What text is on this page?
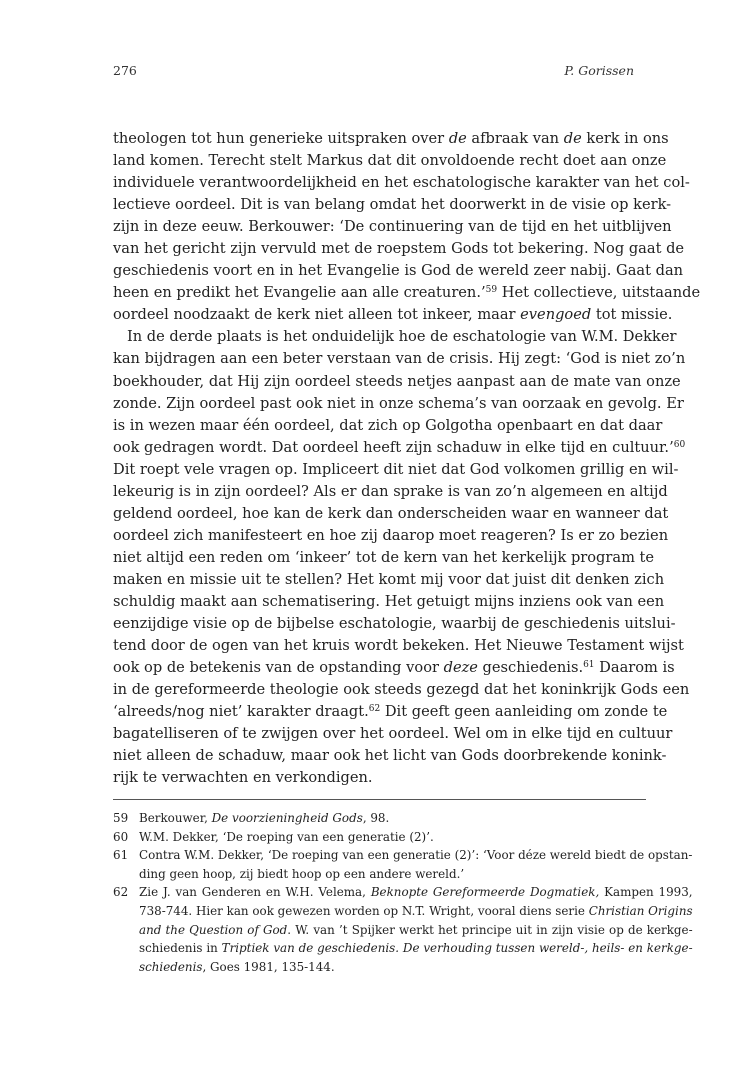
276	P. Gorissen
theologen tot hun generieke uitspraken over de afbraak van de kerk in ons
land komen. Terecht stelt Markus dat dit onvoldoende recht doet aan onze
individuele verantwoordelijkheid en het eschatologische karakter van het col-
lectieve oordeel. Dit is van belang omdat het doorwerkt in de visie op kerk-
zijn in deze eeuw. Berkouwer: ‘De continuering van de tijd en het uitblijven
van het gericht zijn vervuld met de roepstem Gods tot bekering. Nog gaat de
geschiedenis voort en in het Evangelie is God de wereld zeer nabij. Gaat dan
heen en predikt het Evangelie aan alle creaturen.’$^{59}$ Het collectieve, uitstaande
oordeel noodzaakt de kerk niet alleen tot inkeer, maar evengoed tot missie.
In de derde plaats is het onduidelijk hoe de eschatologie van W.M. Dekker
kan bijdragen aan een beter verstaan van de crisis. Hij zegt: ‘God is niet zo’n
boekhouder, dat Hij zijn oordeel steeds netjes aanpast aan de mate van onze
zonde. Zijn oordeel past ook niet in onze schema’s van oorzaak en gevolg. Er
is in wezen maar één oordeel, dat zich op Golgotha openbaart en dat daar
ook gedragen wordt. Dat oordeel heeft zijn schaduw in elke tijd en cultuur.’$^{60}$
Dit roept vele vragen op. Impliceert dit niet dat God volkomen grillig en wil-
lekeurig is in zijn oordeel? Als er dan sprake is van zo’n algemeen en altijd
geldend oordeel, hoe kan de kerk dan onderscheiden waar en wanneer dat
oordeel zich manifesteert en hoe zij daarop moet reageren? Is er zo bezien
niet altijd een reden om ‘inkeer’ tot de kern van het kerkelijk program te
maken en missie uit te stellen? Het komt mij voor dat juist dit denken zich
schuldig maakt aan schematisering. Het getuigt mijns inziens ook van een
eenzijdige visie op de bijbelse eschatologie, waarbij de geschiedenis uitslui-
tend door de ogen van het kruis wordt bekeken. Het Nieuwe Testament wijst
ook op de betekenis van de opstanding voor deze geschiedenis.$^{61}$ Daarom is
in de gereformeerde theologie ook steeds gezegd dat het koninkrijk Gods een
‘alreeds/nog niet’ karakter draagt.$^{62}$ Dit geeft geen aanleiding om zonde te
bagatelliseren of te zwijgen over het oordeel. Wel om in elke tijd en cultuur
niet alleen de schaduw, maar ook het licht van Gods doorbrekende konink-
rijk te verwachten en verkondigen.
59 Berkouwer, De voorzieningheid Gods, 98.
60 W.M. Dekker, ‘De roeping van een generatie (2)’.
61 Contra W.M. Dekker, ‘De roeping van een generatie (2)’: ‘Voor déze wereld biedt de opstan-
ding geen hoop, zij biedt hoop op een andere wereld.’
62 Zie J. van Genderen en W.H. Velema, Beknopte Gereformeerde Dogmatiek, Kampen 1993,
738-744. Hier kan ook gewezen worden op N.T. Wright, vooral diens serie Christian Origins
and the Question of God. W. van ’t Spijker werkt het principe uit in zijn visie op de kerkge-
schiedenis in Triptiek van de geschiedenis. De verhouding tussen wereld-, heils- en kerkge-
schiedenis, Goes 1981, 135-144.
